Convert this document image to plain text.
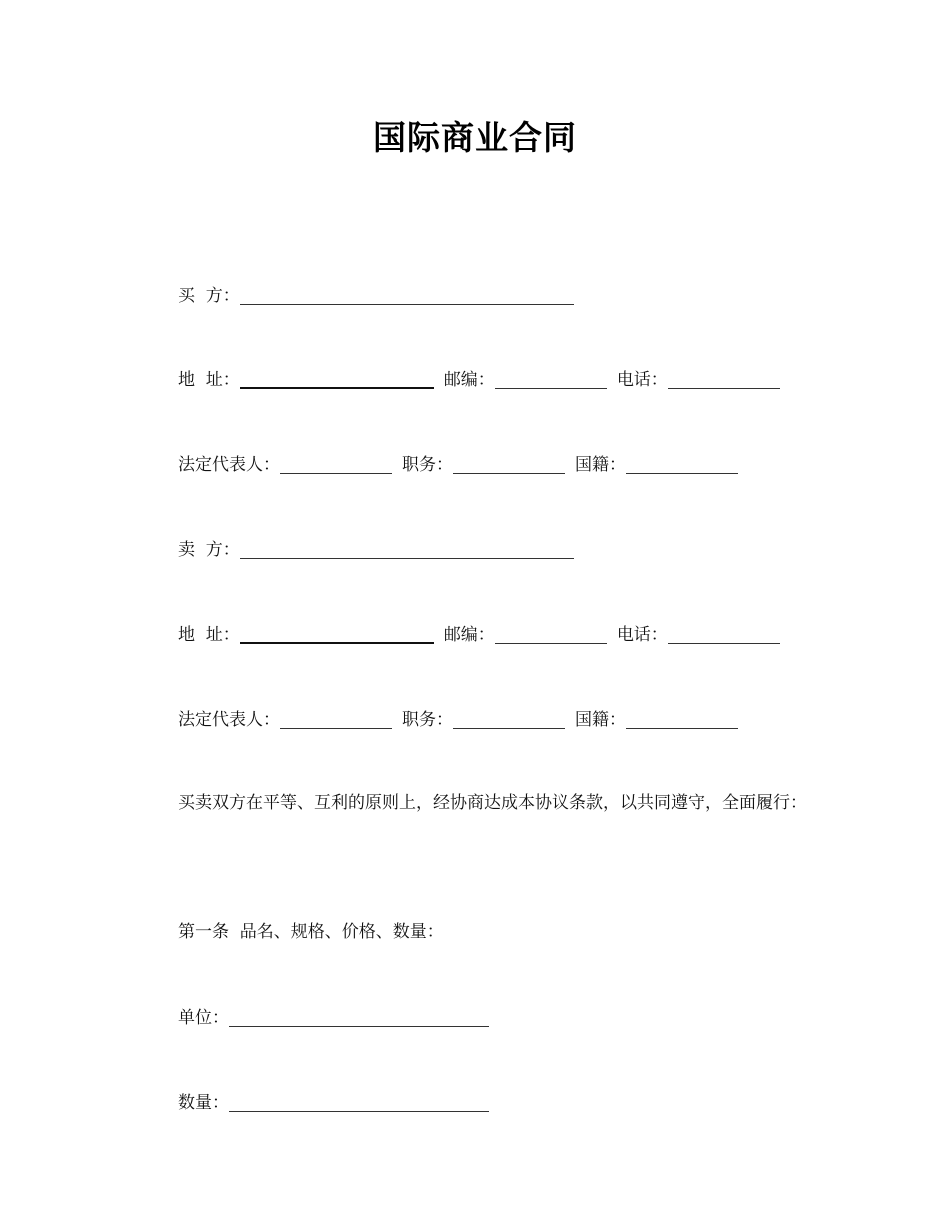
国际商业合同
买  方：
地  址：	邮编：	电话：
法定代表人：	职务：	国籍：
卖  方：
地  址：	邮编：	电话：
法定代表人：	职务：	国籍：
买卖双方在平等、互利的原则上，经协商达成本协议条款，以共同遵守，全面履行：
第一条  品名、规格、价格、数量：
单位：
数量：
